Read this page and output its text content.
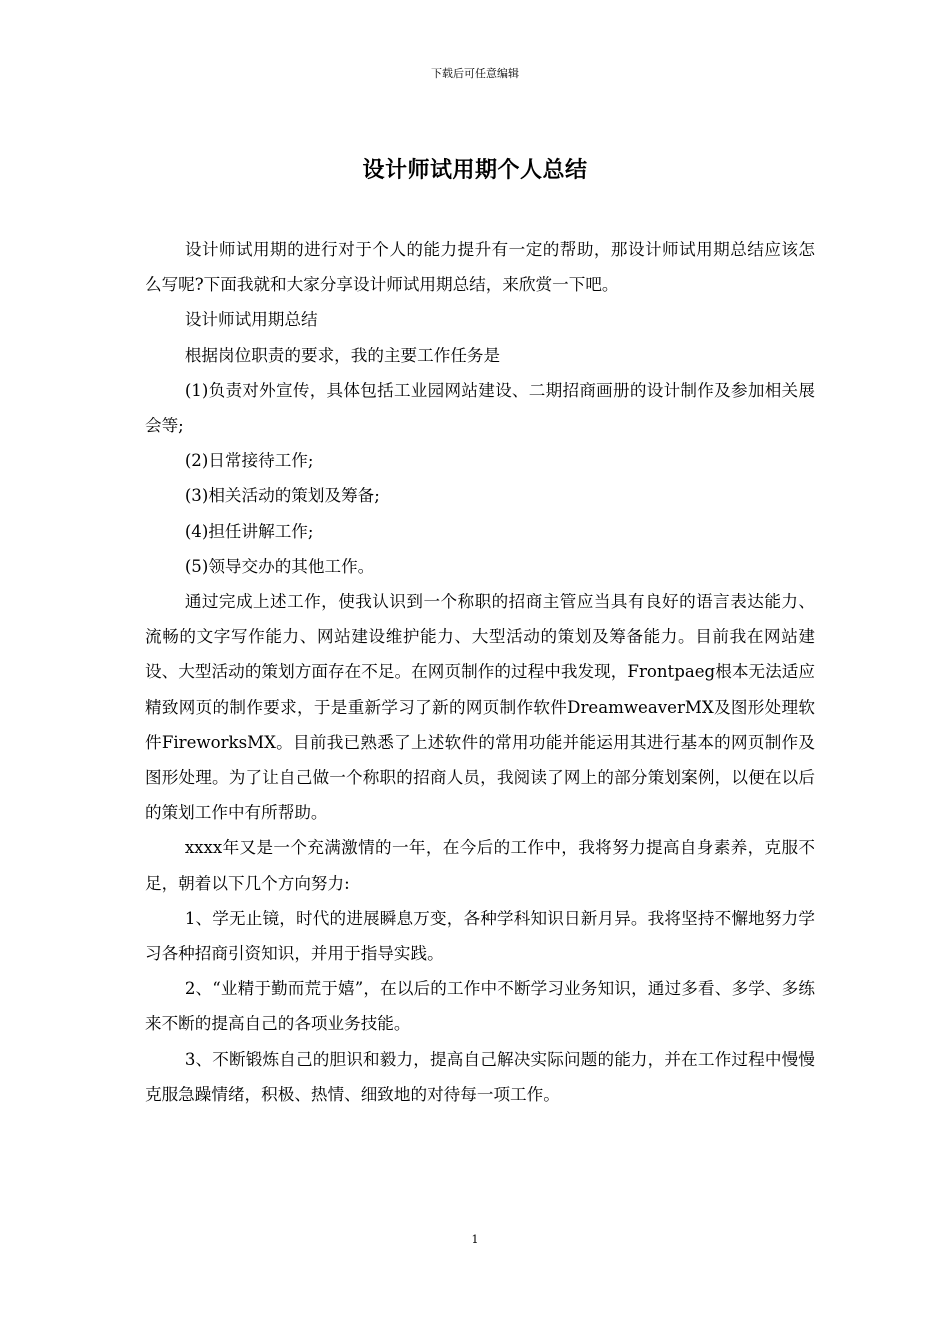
下载后可任意编辑
设计师试用期个人总结

设计师试用期的进行对于个人的能力提升有一定的帮助，那设计师试用期总结应该怎么写呢?下面我就和大家分享设计师试用期总结，来欣赏一下吧。

设计师试用期总结

根据岗位职责的要求，我的主要工作任务是

(1)负责对外宣传，具体包括工业园网站建设、二期招商画册的设计制作及参加相关展会等;

(2)日常接待工作;

(3)相关活动的策划及筹备;

(4)担任讲解工作;

(5)领导交办的其他工作。

通过完成上述工作，使我认识到一个称职的招商主管应当具有良好的语言表达能力、流畅的文字写作能力、网站建设维护能力、大型活动的策划及筹备能力。目前我在网站建设、大型活动的策划方面存在不足。在网页制作的过程中我发现，Frontpaeg根本无法适应精致网页的制作要求，于是重新学习了新的网页制作软件DreamweaverMX及图形处理软件FireworksMX。目前我已熟悉了上述软件的常用功能并能运用其进行基本的网页制作及图形处理。为了让自己做一个称职的招商人员，我阅读了网上的部分策划案例，以便在以后的策划工作中有所帮助。

xxxx年又是一个充满激情的一年，在今后的工作中，我将努力提高自身素养，克服不足，朝着以下几个方向努力:

1、学无止镜，时代的进展瞬息万变，各种学科知识日新月异。我将坚持不懈地努力学习各种招商引资知识，并用于指导实践。

2、“业精于勤而荒于嬉”，在以后的工作中不断学习业务知识，通过多看、多学、多练来不断的提高自己的各项业务技能。

3、不断锻炼自己的胆识和毅力，提高自己解决实际问题的能力，并在工作过程中慢慢克服急躁情绪，积极、热情、细致地的对待每一项工作。

1
